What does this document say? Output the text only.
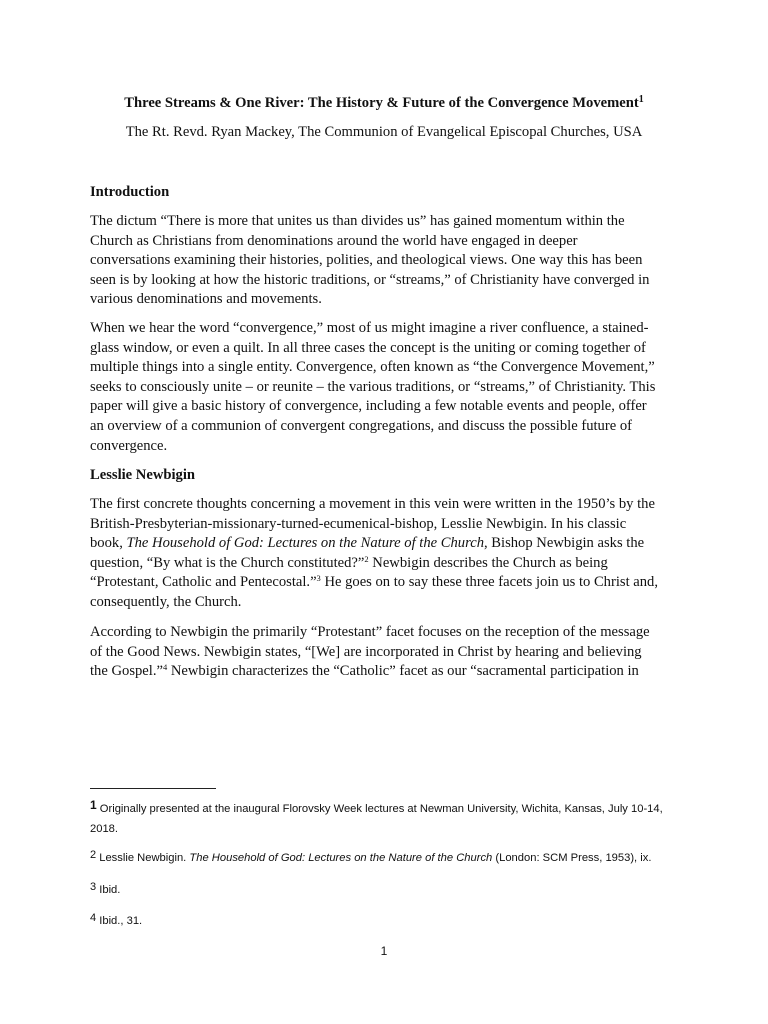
Three Streams & One River: The History & Future of the Convergence Movement$^1$
The Rt. Revd. Ryan Mackey, The Communion of Evangelical Episcopal Churches, USA
Introduction
The dictum “There is more that unites us than divides us” has gained momentum within the
Church as Christians from denominations around the world have engaged in deeper
conversations examining their histories, polities, and theological views. One way this has been
seen is by looking at how the historic traditions, or “streams,” of Christianity have converged in
various denominations and movements.
When we hear the word “convergence,” most of us might imagine a river confluence, a stained-
glass window, or even a quilt. In all three cases the concept is the uniting or coming together of
multiple things into a single entity. Convergence, often known as “the Convergence Movement,”
seeks to consciously unite – or reunite – the various traditions, or “streams,” of Christianity. This
paper will give a basic history of convergence, including a few notable events and people, offer
an overview of a communion of convergent congregations, and discuss the possible future of
convergence.
Lesslie Newbigin
The first concrete thoughts concerning a movement in this vein were written in the 1950’s by the
British-Presbyterian-missionary-turned-ecumenical-bishop, Lesslie Newbigin. In his classic
book, The Household of God: Lectures on the Nature of the Church, Bishop Newbigin asks the
question, “By what is the Church constituted?”$^2$ Newbigin describes the Church as being
“Protestant, Catholic and Pentecostal.”$^3$ He goes on to say these three facets join us to Christ and,
consequently, the Church.
According to Newbigin the primarily “Protestant” facet focuses on the reception of the message
of the Good News. Newbigin states, “[We] are incorporated in Christ by hearing and believing
the Gospel.”$^4$ Newbigin characterizes the “Catholic” facet as our “sacramental participation in
1 Originally presented at the inaugural Florovsky Week lectures at Newman University, Wichita, Kansas, July 10-14,
2018.
2 Lesslie Newbigin. The Household of God: Lectures on the Nature of the Church (London: SCM Press, 1953), ix.
3 Ibid.
4 Ibid., 31.
1
